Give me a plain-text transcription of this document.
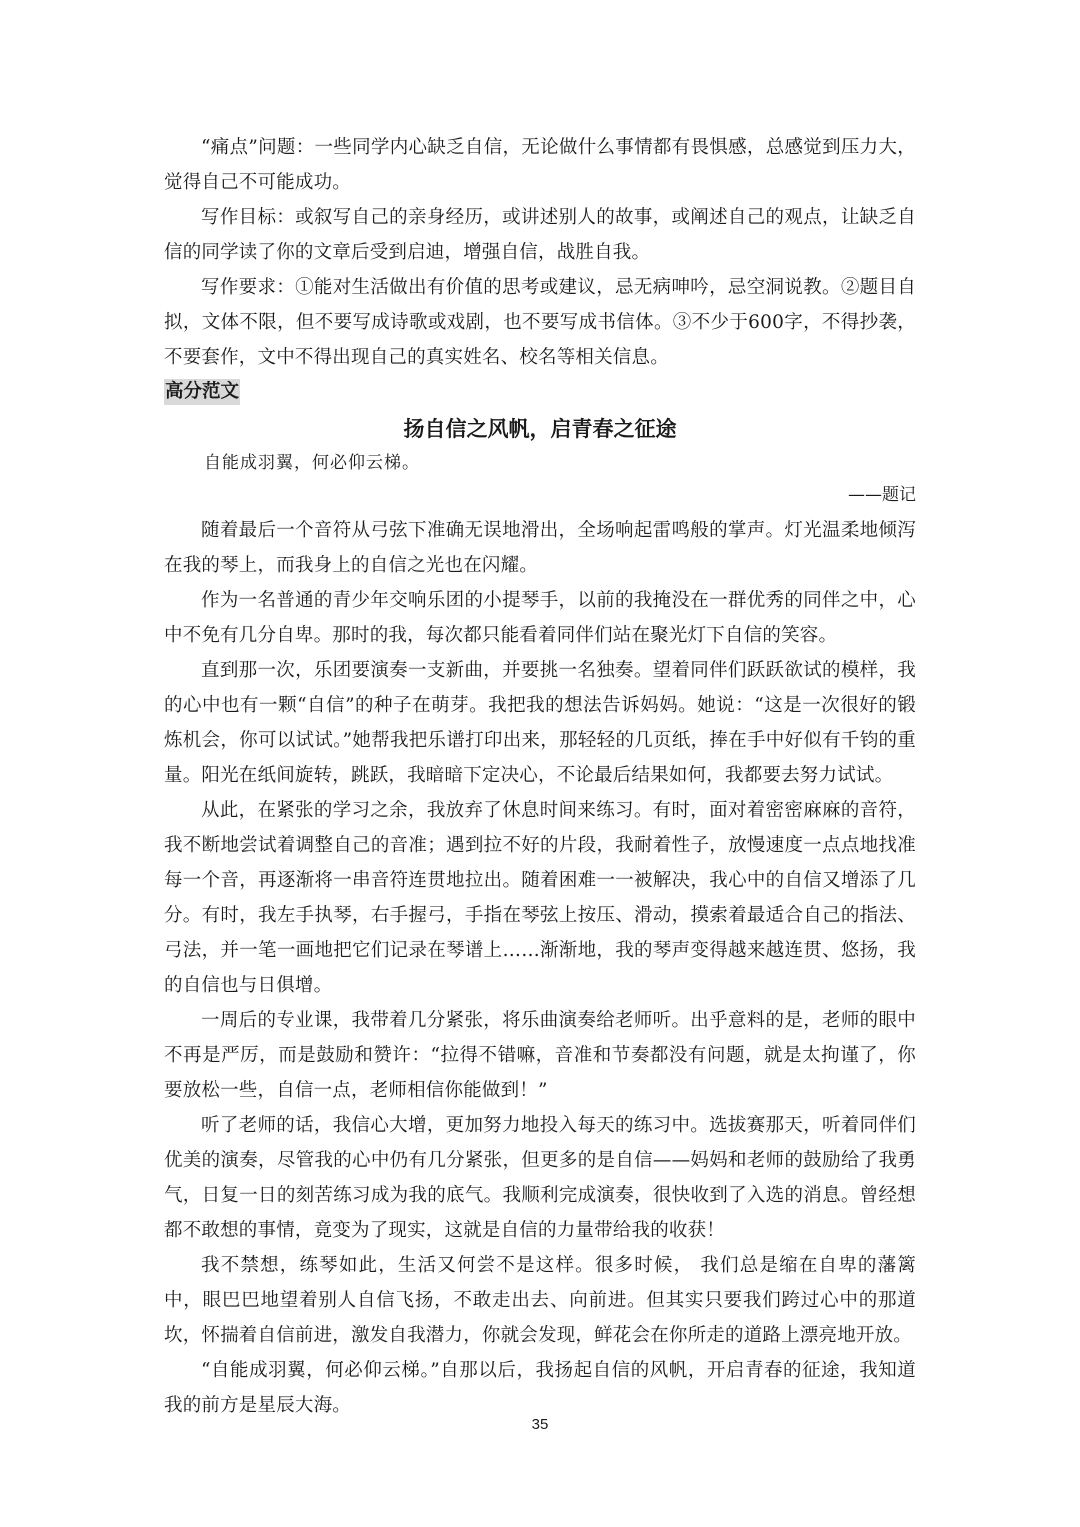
“痛点”问题：一些同学内心缺乏自信，无论做什么事情都有畏惧感，总感觉到压力大，觉得自己不可能成功。

写作目标：或叙写自己的亲身经历，或讲述别人的故事，或阐述自己的观点，让缺乏自信的同学读了你的文章后受到启迪，增强自信，战胜自我。

写作要求：①能对生活做出有价值的思考或建议，忌无病呻吟，忌空洞说教。②题目自拟，文体不限，但不要写成诗歌或戏剧，也不要写成书信体。③不少于600字，不得抄袭，不要套作，文中不得出现自己的真实姓名、校名等相关信息。

高分范文
扬自信之风帆，启青春之征途

自能成羽翼，何必仰云梯。

——题记

随着最后一个音符从弓弦下准确无误地滑出，全场响起雷鸣般的掌声。灯光温柔地倾泻在我的琴上，而我身上的自信之光也在闪耀。

作为一名普通的青少年交响乐团的小提琴手，以前的我掩没在一群优秀的同伴之中，心中不免有几分自卑。那时的我，每次都只能看着同伴们站在聚光灯下自信的笑容。

直到那一次，乐团要演奏一支新曲，并要挑一名独奏。望着同伴们跃跃欲试的模样，我的心中也有一颗“自信”的种子在萌芽。我把我的想法告诉妈妈。她说：“这是一次很好的锻炼机会，你可以试试。”她帮我把乐谱打印出来，那轻轻的几页纸，捧在手中好似有千钧的重量。阳光在纸间旋转，跳跃，我暗暗下定决心，不论最后结果如何，我都要去努力试试。

从此，在紧张的学习之余，我放弃了休息时间来练习。有时，面对着密密麻麻的音符，我不断地尝试着调整自己的音准；遇到拉不好的片段，我耐着性子，放慢速度一点点地找准每一个音，再逐渐将一串音符连贯地拉出。随着困难一一被解决，我心中的自信又增添了几分。有时，我左手执琴，右手握弓，手指在琴弦上按压、滑动，摸索着最适合自己的指法、弓法，并一笔一画地把它们记录在琴谱上……渐渐地，我的琴声变得越来越连贯、悠扬，我的自信也与日俱增。

一周后的专业课，我带着几分紧张，将乐曲演奏给老师听。出乎意料的是，老师的眼中不再是严厉，而是鼓励和赞许：“拉得不错嘛，音准和节奏都没有问题，就是太拘谨了，你要放松一些，自信一点，老师相信你能做到！”

听了老师的话，我信心大增，更加努力地投入每天的练习中。选拔赛那天，听着同伴们优美的演奏，尽管我的心中仍有几分紧张，但更多的是自信——妈妈和老师的鼓励给了我勇气，日复一日的刻苦练习成为我的底气。我顺利完成演奏，很快收到了入选的消息。曾经想都不敢想的事情，竟变为了现实，这就是自信的力量带给我的收获！

我不禁想，练琴如此，生活又何尝不是这样。很多时候， 我们总是缩在自卑的藩篱中，眼巴巴地望着别人自信飞扬，不敢走出去、向前进。但其实只要我们跨过心中的那道坎，怀揣着自信前进，激发自我潜力，你就会发现，鲜花会在你所走的道路上漂亮地开放。

“自能成羽翼，何必仰云梯。”自那以后，我扬起自信的风帆，开启青春的征途，我知道我的前方是星辰大海。

35
